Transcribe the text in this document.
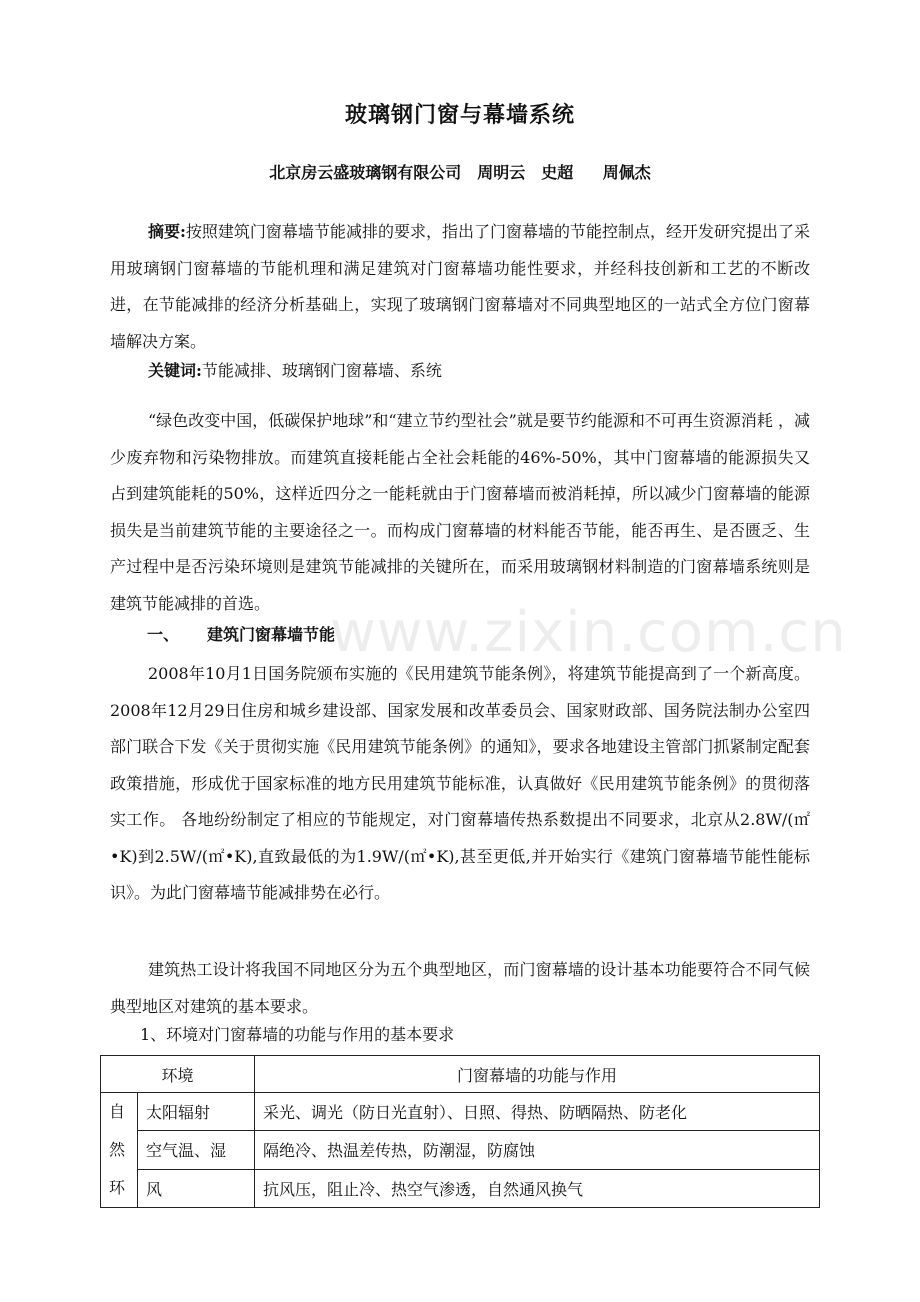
www.zixin.com.cn
玻璃钢门窗与幕墙系统
北京房云盛玻璃钢有限公司　周明云　史超　 周佩杰

摘要:按照建筑门窗幕墙节能减排的要求，指出了门窗幕墙的节能控制点，经开发研究提出了采用玻璃钢门窗幕墙的节能机理和满足建筑对门窗幕墙功能性要求，并经科技创新和工艺的不断改进，在节能减排的经济分析基础上，实现了玻璃钢门窗幕墙对不同典型地区的一站式全方位门窗幕墙解决方案。

关键词:节能减排、玻璃钢门窗幕墙、系统

“绿色改变中国，低碳保护地球”和“建立节约型社会”就是要节约能源和不可再生资源消耗 ，减少废弃物和污染物排放。而建筑直接耗能占全社会耗能的46%-50%，其中门窗幕墙的能源损失又占到建筑能耗的50%，这样近四分之一能耗就由于门窗幕墙而被消耗掉，所以减少门窗幕墙的能源损失是当前建筑节能的主要途径之一。而构成门窗幕墙的材料能否节能，能否再生、是否匮乏、生产过程中是否污染环境则是建筑节能减排的关键所在，而采用玻璃钢材料制造的门窗幕墙系统则是建筑节能减排的首选。

一、 建筑门窗幕墙节能

2008年10月1日国务院颁布实施的《民用建筑节能条例》，将建筑节能提高到了一个新高度。2008年12月29日住房和城乡建设部、国家发展和改革委员会、国家财政部、国务院法制办公室四部门联合下发《关于贯彻实施《民用建筑节能条例》的通知》，要求各地建设主管部门抓紧制定配套政策措施，形成优于国家标准的地方民用建筑节能标准，认真做好《民用建筑节能条例》的贯彻落实工作。 各地纷纷制定了相应的节能规定，对门窗幕墙传热系数提出不同要求，北京从2.8W/(㎡•K)到2.5W/(㎡•K),直致最低的为1.9W/(㎡•K),甚至更低,并开始实行《建筑门窗幕墙节能性能标识》。为此门窗幕墙节能减排势在必行。

建筑热工设计将我国不同地区分为五个典型地区，而门窗幕墙的设计基本功能要符合不同气候典型地区对建筑的基本要求。

1、环境对门窗幕墙的功能与作用的基本要求
环境		门窗幕墙的功能与作用

自
然
环	太阳辐射	采光、调光（防日光直射）、日照、得热、防晒隔热、防老化
	空气温、湿	隔绝冷、热温差传热，防潮湿，防腐蚀
	风	抗风压，阻止冷、热空气渗透，自然通风换气
